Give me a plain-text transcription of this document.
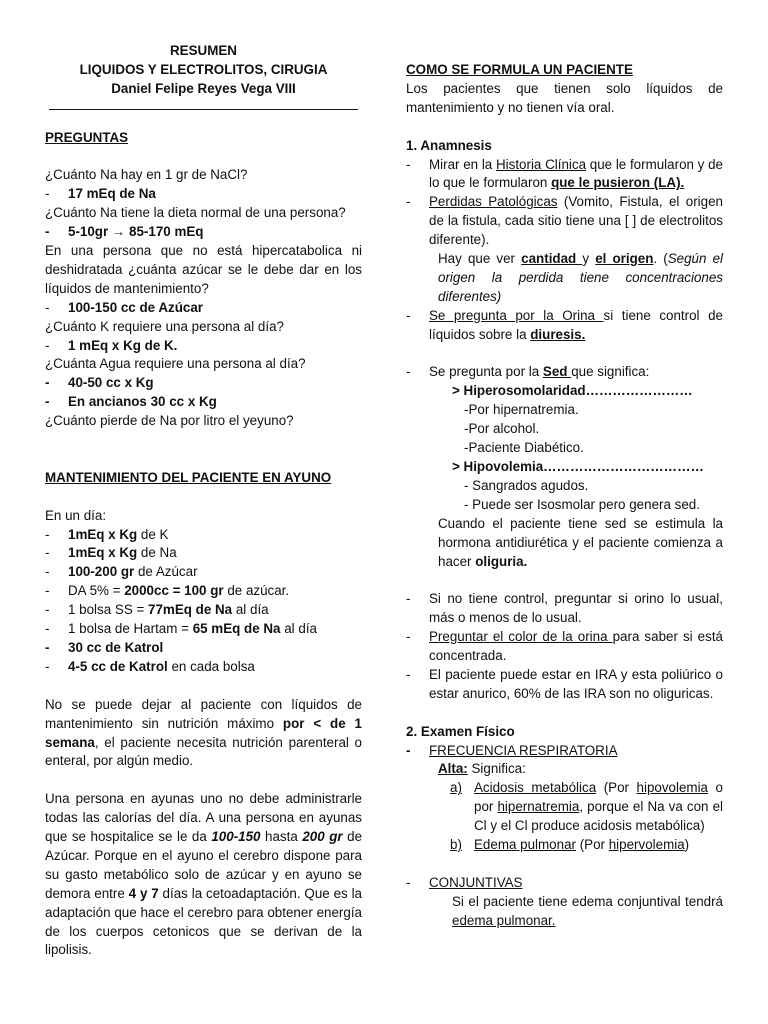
RESUMEN
LIQUIDOS Y ELECTROLITOS, CIRUGIA
Daniel Felipe Reyes Vega VIII
PREGUNTAS
¿Cuánto Na hay en 1 gr de NaCl?
- 17 mEq de Na
¿Cuánto Na tiene la dieta normal de una persona?
- 5-10gr → 85-170 mEq
En una persona que no está hipercatabolica ni deshidratada ¿cuánta azúcar se le debe dar en los líquidos de mantenimiento?
- 100-150 cc de Azúcar
¿Cuánto K requiere una persona al día?
- 1 mEq x Kg de K.
¿Cuánta Agua requiere una persona al día?
- 40-50 cc x Kg
- En ancianos 30 cc x Kg
¿Cuánto pierde de Na por litro el yeyuno?
MANTENIMIENTO DEL PACIENTE EN AYUNO
En un día:
- 1mEq x Kg de K
- 1mEq x Kg de Na
- 100-200 gr de Azúcar
- DA 5% = 2000cc = 100 gr de azúcar.
- 1 bolsa SS = 77mEq de Na al día
- 1 bolsa de Hartam = 65 mEq de Na al día
- 30 cc de Katrol
- 4-5 cc de Katrol en cada bolsa
No se puede dejar al paciente con líquidos de mantenimiento sin nutrición máximo por < de 1 semana, el paciente necesita nutrición parenteral o enteral, por algún medio.
Una persona en ayunas uno no debe administrarle todas las calorías del día. A una persona en ayunas que se hospitalice se le da 100-150 hasta 200 gr de Azúcar. Porque en el ayuno el cerebro dispone para su gasto metabólico solo de azúcar y en ayuno se demora entre 4 y 7 días la cetoadaptación. Que es la adaptación que hace el cerebro para obtener energía de los cuerpos cetonicos que se derivan de la lipolisis.
COMO SE FORMULA UN PACIENTE
Los pacientes que tienen solo líquidos de mantenimiento y no tienen vía oral.
1. Anamnesis
- Mirar en la Historia Clínica que le formularon y de lo que le formularon que le pusieron (LA).
- Perdidas Patológicas (Vomito, Fistula, el origen de la fistula, cada sitio tiene una [ ] de electrolitos diferente).
Hay que ver cantidad y el origen. (Según el origen la perdida tiene concentraciones diferentes)
- Se pregunta por la Orina si tiene control de líquidos sobre la diuresis.
- Se pregunta por la Sed que significa:
> Hiperosomolaridad……………………
-Por hipernatremia.
-Por alcohol.
-Paciente Diabético.
> Hipovolemia………………………………
- Sangrados agudos.
- Puede ser Isosmolar pero genera sed.
Cuando el paciente tiene sed se estimula la hormona antidiurética y el paciente comienza a hacer oliguria.
- Si no tiene control, preguntar si orino lo usual, más o menos de lo usual.
- Preguntar el color de la orina para saber si está concentrada.
- El paciente puede estar en IRA y esta poliúrico o estar anurico, 60% de las IRA son no oliguricas.
2. Examen Físico
- FRECUENCIA RESPIRATORIA
Alta: Significa:
a) Acidosis metabólica (Por hipovolemia o por hipernatremia, porque el Na va con el Cl y el Cl produce acidosis metabólica)
b) Edema pulmonar (Por hipervolemia)
- CONJUNTIVAS
Si el paciente tiene edema conjuntival tendrá edema pulmonar.
